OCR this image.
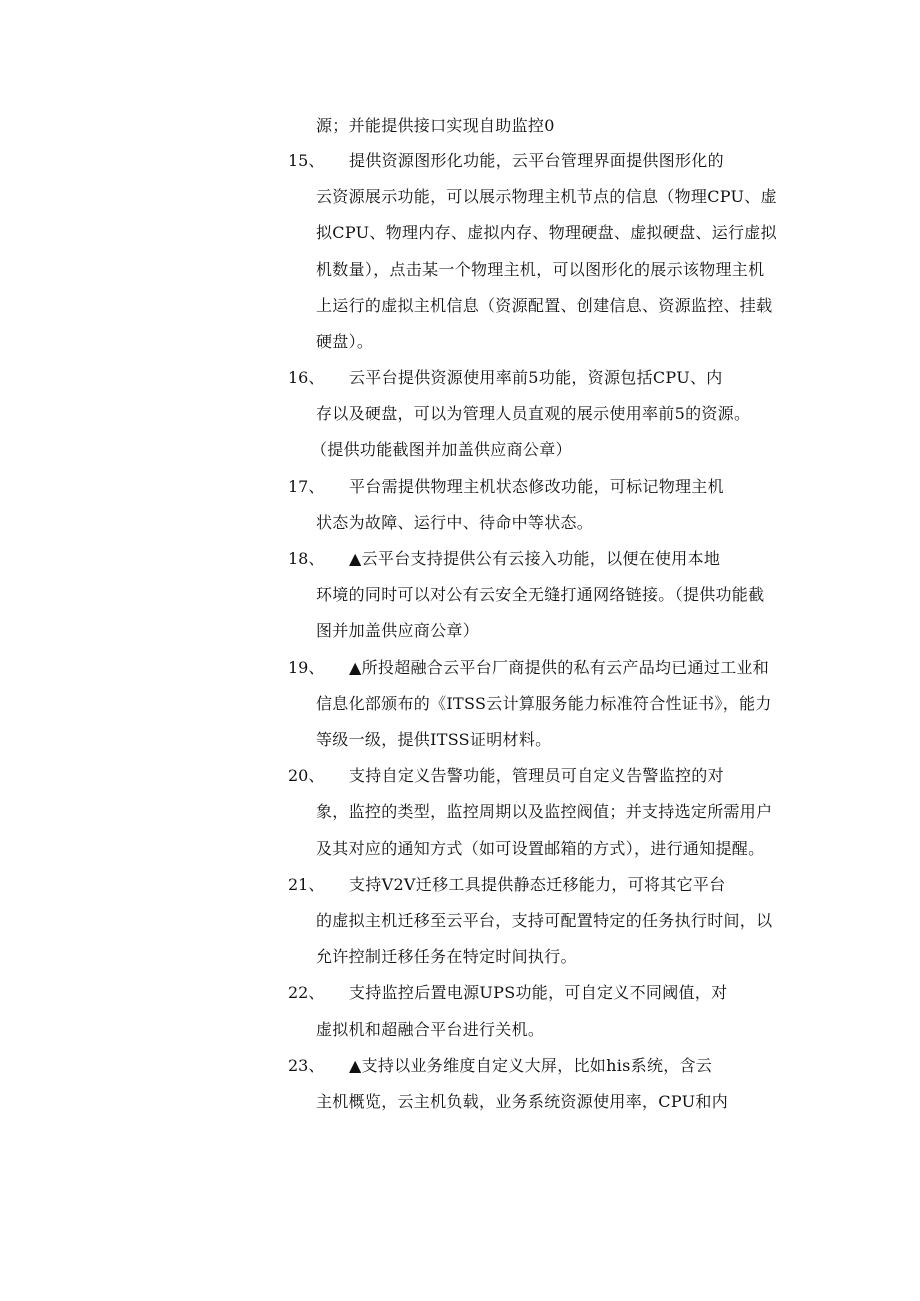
源；并能提供接口实现自助监控0
15、 提供资源图形化功能，云平台管理界面提供图形化的
云资源展示功能，可以展示物理主机节点的信息（物理CPU、虚
拟CPU、物理内存、虚拟内存、物理硬盘、虚拟硬盘、运行虚拟
机数量），点击某一个物理主机，可以图形化的展示该物理主机
上运行的虚拟主机信息（资源配置、创建信息、资源监控、挂载
硬盘）。
16、 云平台提供资源使用率前5功能，资源包括CPU、内
存以及硬盘，可以为管理人员直观的展示使用率前5的资源。
（提供功能截图并加盖供应商公章）
17、 平台需提供物理主机状态修改功能，可标记物理主机
状态为故障、运行中、待命中等状态。
18、 ▲云平台支持提供公有云接入功能，以便在使用本地
环境的同时可以对公有云安全无缝打通网络链接。（提供功能截
图并加盖供应商公章）
19、 ▲所投超融合云平台厂商提供的私有云产品均已通过工业和
信息化部颁布的《ITSS云计算服务能力标准符合性证书》，能力
等级一级，提供ITSS证明材料。
20、 支持自定义告警功能，管理员可自定义告警监控的对
象，监控的类型，监控周期以及监控阀值；并支持选定所需用户
及其对应的通知方式（如可设置邮箱的方式），进行通知提醒。
21、 支持V2V迁移工具提供静态迁移能力，可将其它平台
的虚拟主机迁移至云平台，支持可配置特定的任务执行时间，以
允许控制迁移任务在特定时间执行。
22、 支持监控后置电源UPS功能，可自定义不同阈值，对
虚拟机和超融合平台进行关机。
23、 ▲支持以业务维度自定义大屏，比如his系统，含云
主机概览，云主机负载，业务系统资源使用率，CPU和内
